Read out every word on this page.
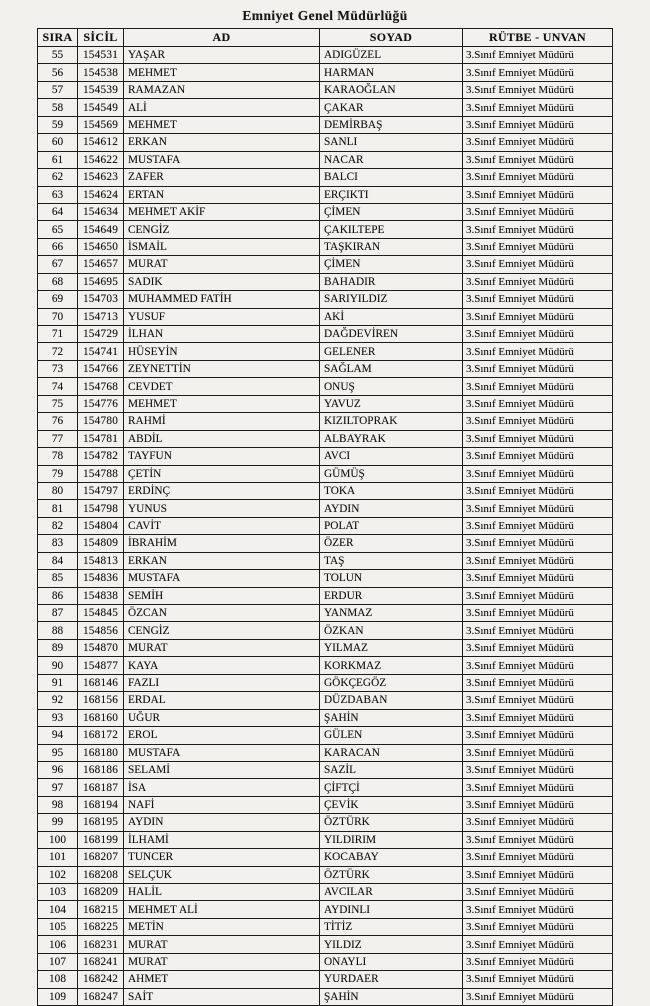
Emniyet Genel Müdürlüğü
SIRA	SİCİL	AD	SOYAD	RÜTBE - UNVAN
55	154531	YAŞAR	ADIGÜZEL	3.Sınıf Emniyet Müdürü
56	154538	MEHMET	HARMAN	3.Sınıf Emniyet Müdürü
57	154539	RAMAZAN	KARAOĞLAN	3.Sınıf Emniyet Müdürü
58	154549	ALİ	ÇAKAR	3.Sınıf Emniyet Müdürü
59	154569	MEHMET	DEMİRBAŞ	3.Sınıf Emniyet Müdürü
60	154612	ERKAN	SANLI	3.Sınıf Emniyet Müdürü
61	154622	MUSTAFA	NACAR	3.Sınıf Emniyet Müdürü
62	154623	ZAFER	BALCI	3.Sınıf Emniyet Müdürü
63	154624	ERTAN	ERÇIKTI	3.Sınıf Emniyet Müdürü
64	154634	MEHMET AKİF	ÇİMEN	3.Sınıf Emniyet Müdürü
65	154649	CENGİZ	ÇAKILTEPE	3.Sınıf Emniyet Müdürü
66	154650	İSMAİL	TAŞKIRAN	3.Sınıf Emniyet Müdürü
67	154657	MURAT	ÇİMEN	3.Sınıf Emniyet Müdürü
68	154695	SADIK	BAHADIR	3.Sınıf Emniyet Müdürü
69	154703	MUHAMMED FATİH	SARIYILDIZ	3.Sınıf Emniyet Müdürü
70	154713	YUSUF	AKİ	3.Sınıf Emniyet Müdürü
71	154729	İLHAN	DAĞDEVİREN	3.Sınıf Emniyet Müdürü
72	154741	HÜSEYİN	GELENER	3.Sınıf Emniyet Müdürü
73	154766	ZEYNETTİN	SAĞLAM	3.Sınıf Emniyet Müdürü
74	154768	CEVDET	ONUŞ	3.Sınıf Emniyet Müdürü
75	154776	MEHMET	YAVUZ	3.Sınıf Emniyet Müdürü
76	154780	RAHMİ	KIZILTOPRAK	3.Sınıf Emniyet Müdürü
77	154781	ABDİL	ALBAYRAK	3.Sınıf Emniyet Müdürü
78	154782	TAYFUN	AVCI	3.Sınıf Emniyet Müdürü
79	154788	ÇETİN	GÜMÜŞ	3.Sınıf Emniyet Müdürü
80	154797	ERDİNÇ	TOKA	3.Sınıf Emniyet Müdürü
81	154798	YUNUS	AYDIN	3.Sınıf Emniyet Müdürü
82	154804	CAVİT	POLAT	3.Sınıf Emniyet Müdürü
83	154809	İBRAHİM	ÖZER	3.Sınıf Emniyet Müdürü
84	154813	ERKAN	TAŞ	3.Sınıf Emniyet Müdürü
85	154836	MUSTAFA	TOLUN	3.Sınıf Emniyet Müdürü
86	154838	SEMİH	ERDUR	3.Sınıf Emniyet Müdürü
87	154845	ÖZCAN	YANMAZ	3.Sınıf Emniyet Müdürü
88	154856	CENGİZ	ÖZKAN	3.Sınıf Emniyet Müdürü
89	154870	MURAT	YILMAZ	3.Sınıf Emniyet Müdürü
90	154877	KAYA	KORKMAZ	3.Sınıf Emniyet Müdürü
91	168146	FAZLI	GÖKÇEGÖZ	3.Sınıf Emniyet Müdürü
92	168156	ERDAL	DÜZDABAN	3.Sınıf Emniyet Müdürü
93	168160	UĞUR	ŞAHİN	3.Sınıf Emniyet Müdürü
94	168172	EROL	GÜLEN	3.Sınıf Emniyet Müdürü
95	168180	MUSTAFA	KARACAN	3.Sınıf Emniyet Müdürü
96	168186	SELAMİ	SAZİL	3.Sınıf Emniyet Müdürü
97	168187	İSA	ÇİFTÇİ	3.Sınıf Emniyet Müdürü
98	168194	NAFİ	ÇEVİK	3.Sınıf Emniyet Müdürü
99	168195	AYDIN	ÖZTÜRK	3.Sınıf Emniyet Müdürü
100	168199	İLHAMİ	YILDIRIM	3.Sınıf Emniyet Müdürü
101	168207	TUNCER	KOCABAY	3.Sınıf Emniyet Müdürü
102	168208	SELÇUK	ÖZTÜRK	3.Sınıf Emniyet Müdürü
103	168209	HALİL	AVCILAR	3.Sınıf Emniyet Müdürü
104	168215	MEHMET ALİ	AYDINLI	3.Sınıf Emniyet Müdürü
105	168225	METİN	TİTİZ	3.Sınıf Emniyet Müdürü
106	168231	MURAT	YILDIZ	3.Sınıf Emniyet Müdürü
107	168241	MURAT	ONAYLI	3.Sınıf Emniyet Müdürü
108	168242	AHMET	YURDAER	3.Sınıf Emniyet Müdürü
109	168247	SAİT	ŞAHİN	3.Sınıf Emniyet Müdürü
